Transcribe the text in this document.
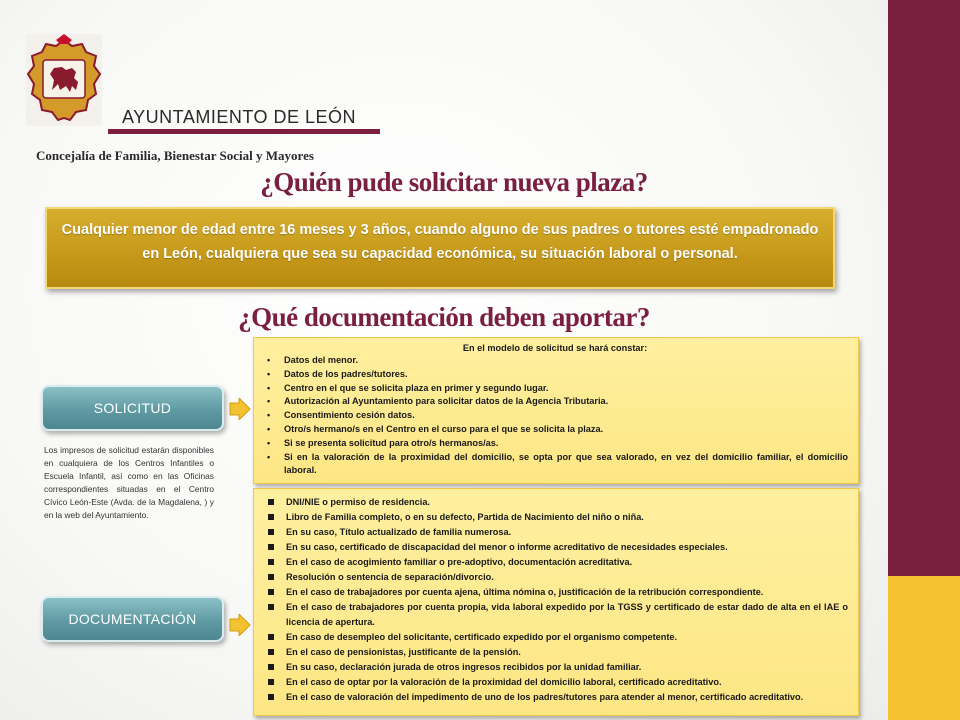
AYUNTAMIENTO DE LEÓN
Concejalía de Familia, Bienestar Social y Mayores
¿Quién pude solicitar nueva plaza?
Cualquier menor de edad entre 16 meses y 3 años, cuando alguno de sus padres o tutores esté empadronado en León, cualquiera que sea su capacidad económica, su situación laboral o personal.
¿Qué documentación deben aportar?
SOLICITUD
Los impresos de solicitud estarán disponibles en cualquiera de los Centros Infantiles o Escuela Infantil, así como en las Oficinas correspondientes situadas en el Centro Cívico León-Este (Avda. de la Magdalena, ) y en la web del Ayuntamiento.
DOCUMENTACIÓN
En el modelo de solicitud se hará constar:
• Datos del menor.
• Datos de los padres/tutores.
• Centro en el que se solicita plaza en primer y segundo lugar.
• Autorización al Ayuntamiento para solicitar datos de la Agencia Tributaria.
• Consentimiento cesión datos.
• Otro/s hermano/s en el Centro en el curso para el que se solicita la plaza.
• Si se presenta solicitud para otro/s hermanos/as.
• Si en la valoración de la proximidad del domicilio, se opta por que sea valorado, en vez del domicilio familiar, el domicilio laboral.
DNI/NIE o permiso de residencia.
Libro de Familia completo, o en su defecto, Partida de Nacimiento del niño o niña.
En su caso, Título actualizado de familia numerosa.
En su caso, certificado de discapacidad del menor o informe acreditativo de necesidades especiales.
En el caso de acogimiento familiar o pre-adoptivo, documentación acreditativa.
Resolución o sentencia de separación/divorcio.
En el caso de trabajadores por cuenta ajena, última nómina o, justificación de la retribución correspondiente.
En el caso de trabajadores por cuenta propia, vida laboral expedido por la TGSS y certificado de estar dado de alta en el IAE o licencia de apertura.
En caso de desempleo del solicitante, certificado expedido por el organismo competente.
En el caso de pensionistas, justificante de la pensión.
En su caso, declaración jurada de otros ingresos recibidos por la unidad familiar.
En el caso de optar por la valoración de la proximidad del domicilio laboral, certificado acreditativo.
En el caso de valoración del impedimento de uno de los padres/tutores para atender al menor, certificado acreditativo.
